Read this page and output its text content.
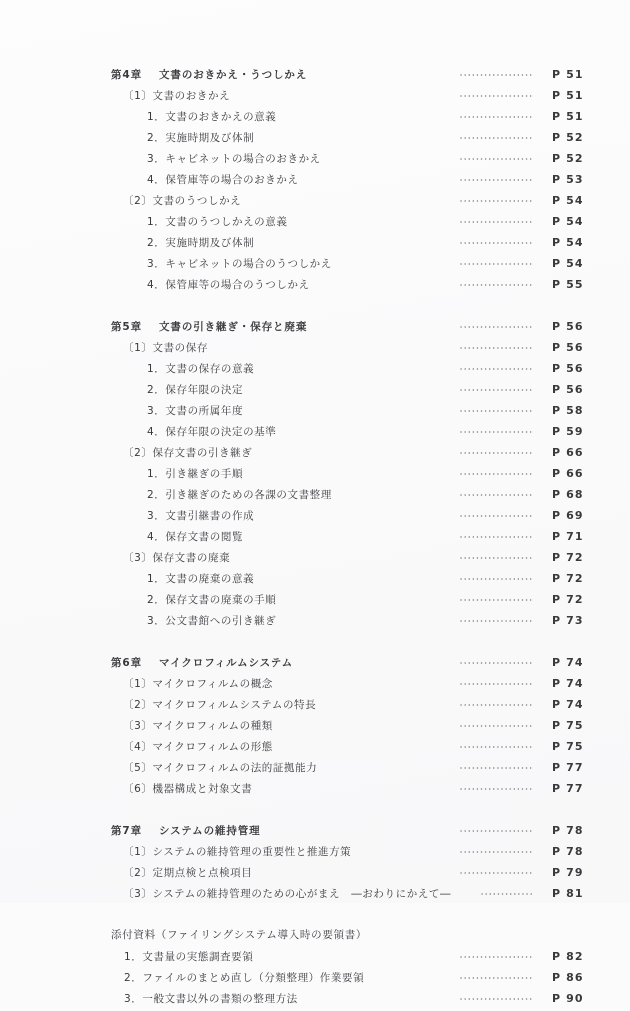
第4章 文書のおきかえ・うつしかえ	P 51
〔1〕文書のおきかえ	P 51
1．文書のおきかえの意義	P 51
2．実施時期及び体制	P 52
3．キャビネットの場合のおきかえ	P 52
4．保管庫等の場合のおきかえ	P 53
〔2〕文書のうつしかえ	P 54
1．文書のうつしかえの意義	P 54
2．実施時期及び体制	P 54
3．キャビネットの場合のうつしかえ	P 54
4．保管庫等の場合のうつしかえ	P 55
第5章 文書の引き継ぎ・保存と廃棄	P 56
〔1〕文書の保存	P 56
1．文書の保存の意義	P 56
2．保存年限の決定	P 56
3．文書の所属年度	P 58
4．保存年限の決定の基準	P 59
〔2〕保存文書の引き継ぎ	P 66
1．引き継ぎの手順	P 66
2．引き継ぎのための各課の文書整理	P 68
3．文書引継書の作成	P 69
4．保存文書の閲覧	P 71
〔3〕保存文書の廃棄	P 72
1．文書の廃棄の意義	P 72
2．保存文書の廃棄の手順	P 72
3．公文書館への引き継ぎ	P 73
第6章 マイクロフィルムシステム	P 74
〔1〕マイクロフィルムの概念	P 74
〔2〕マイクロフィルムシステムの特長	P 74
〔3〕マイクロフィルムの種類	P 75
〔4〕マイクロフィルムの形態	P 75
〔5〕マイクロフィルムの法的証拠能力	P 77
〔6〕機器構成と対象文書	P 77
第7章 システムの維持管理	P 78
〔1〕システムの維持管理の重要性と推進方策	P 78
〔2〕定期点検と点検項目	P 79
〔3〕システムの維持管理のための心がまえ　―おわりにかえて―	P 81
添付資料（ファイリングシステム導入時の要領書）
1．文書量の実態調査要領	P 82
2．ファイルのまとめ直し（分類整理）作業要領	P 86
3．一般文書以外の書類の整理方法	P 90
